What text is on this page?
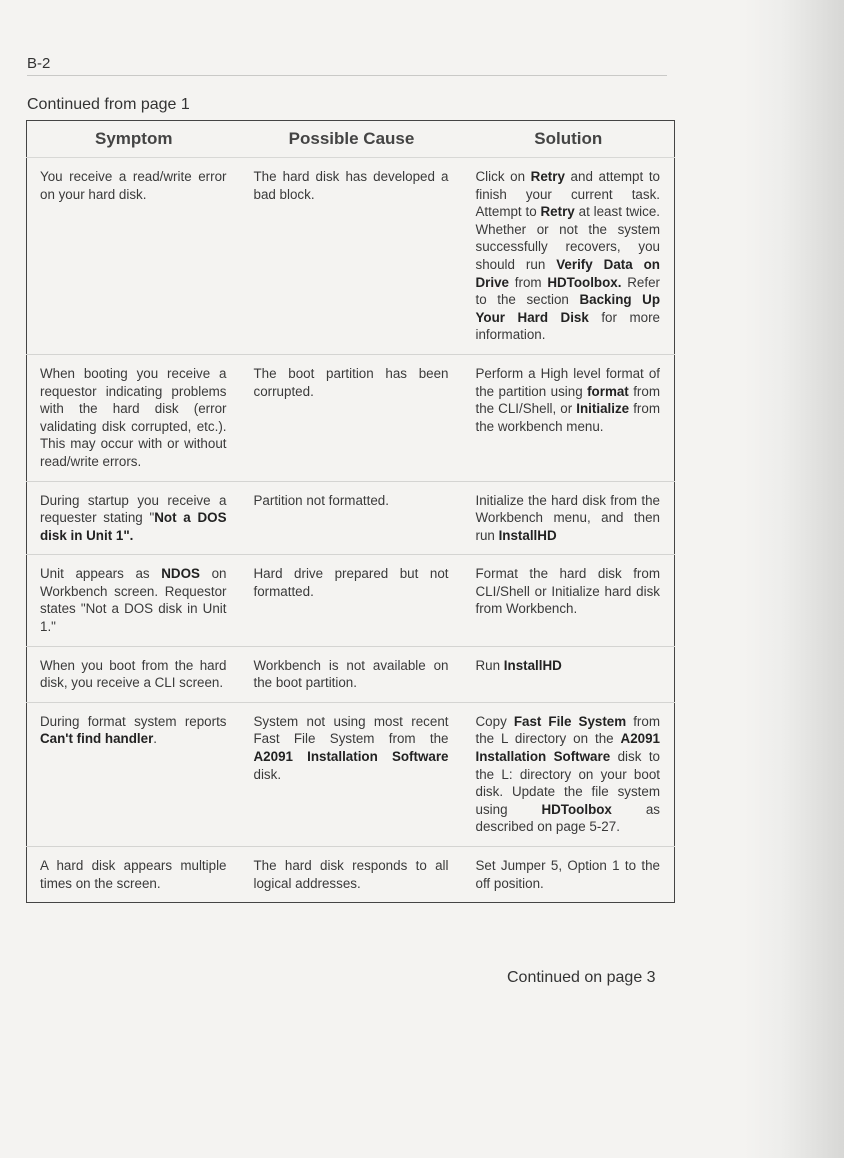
B-2
Continued from page 1
Symptom	Possible Cause	Solution
You receive a read/write error on your hard disk.	The hard disk has developed a bad block.	Click on Retry and attempt to finish your current task. Attempt to Retry at least twice. Whether or not the system successfully recovers, you should run Verify Data on Drive from HDToolbox. Refer to the section Backing Up Your Hard Disk for more information.
When booting you receive a requestor indicating problems with the hard disk (error validating disk corrupted, etc.). This may occur with or without read/write errors.	The boot partition has been corrupted.	Perform a High level format of the partition using format from the CLI/Shell, or Initialize from the workbench menu.
During startup you receive a requester stating "Not a DOS disk in Unit 1".	Partition not formatted.	Initialize the hard disk from the Workbench menu, and then run InstallHD
Unit appears as NDOS on Workbench screen. Requestor states "Not a DOS disk in Unit 1."	Hard drive prepared but not formatted.	Format the hard disk from CLI/Shell or Initialize hard disk from Workbench.
When you boot from the hard disk, you receive a CLI screen.	Workbench is not available on the boot partition.	Run InstallHD
During format system reports Can't find handler.	System not using most recent Fast File System from the A2091 Installation Software disk.	Copy Fast File System from the L directory on the A2091 Installation Software disk to the L: directory on your boot disk. Update the file system using HDToolbox as described on page 5-27.
A hard disk appears multiple times on the screen.	The hard disk responds to all logical addresses.	Set Jumper 5, Option 1 to the off position.
Continued on page 3
